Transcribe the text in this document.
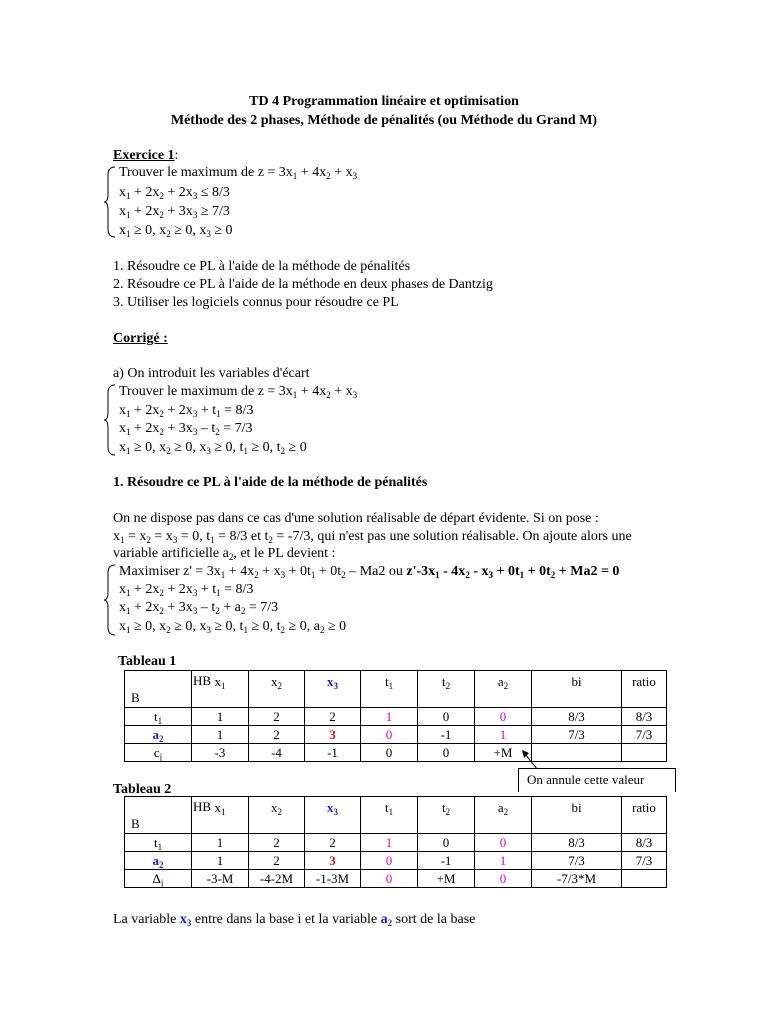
TD 4 Programmation linéaire et optimisation
Méthode des 2 phases, Méthode de pénalités (ou Méthode du Grand M)
Exercice 1:
Trouver le maximum de $z = 3x_1 + 4x_2 + x_3$
$x_1 + 2x_2 + 2x_3 \le 8/3$
$x_1 + 2x_2 + 3x_3 \ge 7/3$
$x_1 \ge 0$, $x_2 \ge 0$, $x_3 \ge 0$
1. Résoudre ce PL à l'aide de la méthode de pénalités
2. Résoudre ce PL à l'aide de la méthode en deux phases de Dantzig
3. Utiliser les logiciels connus pour résoudre ce PL
Corrigé :
a) On introduit les variables d'écart
Trouver le maximum de $z = 3x_1 + 4x_2 + x_3$
$x_1 + 2x_2 + 2x_3 + t_1 = 8/3$
$x_1 + 2x_2 + 3x_3 - t_2 = 7/3$
$x_1 \ge 0$, $x_2 \ge 0$, $x_3 \ge 0$, $t_1 \ge 0$, $t_2 \ge 0$
1. Résoudre ce PL à l'aide de la méthode de pénalités
On ne dispose pas dans ce cas d'une solution réalisable de départ évidente. Si on pose :
$x_1 = x_2 = x_3 = 0$, $t_1 = 8/3$ et $t_2 = -7/3$, qui n'est pas une solution réalisable. On ajoute alors une
variable artificielle $a_2$, et le PL devient :
Maximiser $z' = 3x_1 + 4x_2 + x_3 + 0t_1 + 0t_2 - Ma2$ ou $z'-3x_1 - 4x_2 - x_3 + 0t_1 + 0t_2 + Ma2 = 0$
$x_1 + 2x_2 + 2x_3 + t_1 = 8/3$
$x_1 + 2x_2 + 3x_3 - t_2 + a_2 = 7/3$
$x_1 \ge 0$, $x_2 \ge 0$, $x_3 \ge 0$, $t_1 \ge 0$, $t_2 \ge 0$, $a_2 \ge 0$
Tableau 1
HB
B	$x_1$	$x_2$	$x_3$	$t_1$	$t_2$	$a_2$	bi	ratio
$t_1$	1	2	2	1	0	0	8/3	8/3
$a_2$	1	2	3	0	-1	1	7/3	7/3
$c_j$	-3	-4	-1	0	0	+M		
On annule cette valeur
Tableau 2
HB
B	$x_1$	$x_2$	$x_3$	$t_1$	$t_2$	$a_2$	bi	ratio
$t_1$	1	2	2	1	0	0	8/3	8/3
$a_2$	1	2	3	0	-1	1	7/3	7/3
$\Delta_j$	-3-M	-4-2M	-1-3M	0	+M	0	-7/3*M	
La variable $x_3$ entre dans la base i et la variable $a_2$ sort de la base
